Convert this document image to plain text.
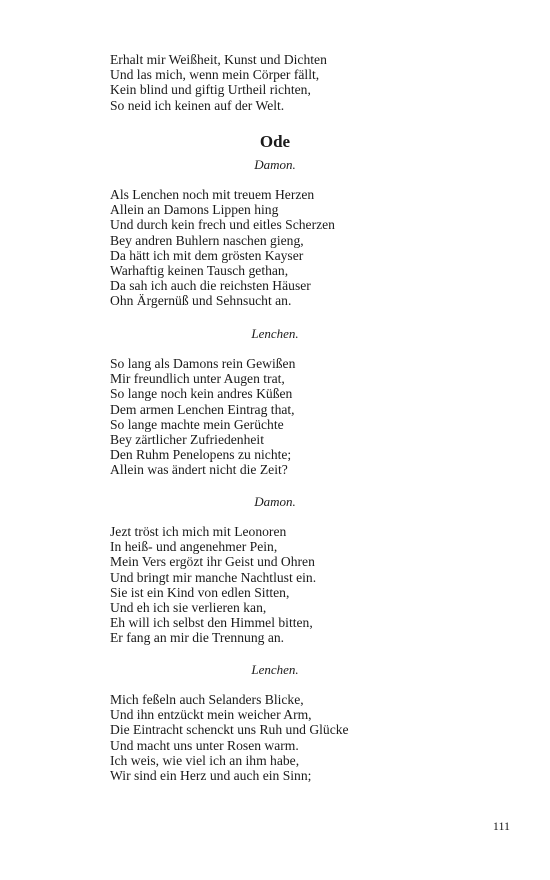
Erhalt mir Weißheit, Kunst und Dichten
Und las mich, wenn mein Cörper fällt,
Kein blind und giftig Urtheil richten,
So neid ich keinen auf der Welt.
Ode
Damon.
Als Lenchen noch mit treuem Herzen
Allein an Damons Lippen hing
Und durch kein frech und eitles Scherzen
Bey andren Buhlern naschen gieng,
Da hätt ich mit dem grösten Kayser
Warhaftig keinen Tausch gethan,
Da sah ich auch die reichsten Häuser
Ohn Ärgernüß und Sehnsucht an.
Lenchen.
So lang als Damons rein Gewißen
Mir freundlich unter Augen trat,
So lange noch kein andres Küßen
Dem armen Lenchen Eintrag that,
So lange machte mein Gerüchte
Bey zärtlicher Zufriedenheit
Den Ruhm Penelopens zu nichte;
Allein was ändert nicht die Zeit?
Damon.
Jezt tröst ich mich mit Leonoren
In heiß- und angenehmer Pein,
Mein Vers ergözt ihr Geist und Ohren
Und bringt mir manche Nachtlust ein.
Sie ist ein Kind von edlen Sitten,
Und eh ich sie verlieren kan,
Eh will ich selbst den Himmel bitten,
Er fang an mir die Trennung an.
Lenchen.
Mich feßeln auch Selanders Blicke,
Und ihn entzückt mein weicher Arm,
Die Eintracht schenckt uns Ruh und Glücke
Und macht uns unter Rosen warm.
Ich weis, wie viel ich an ihm habe,
Wir sind ein Herz und auch ein Sinn;
111
